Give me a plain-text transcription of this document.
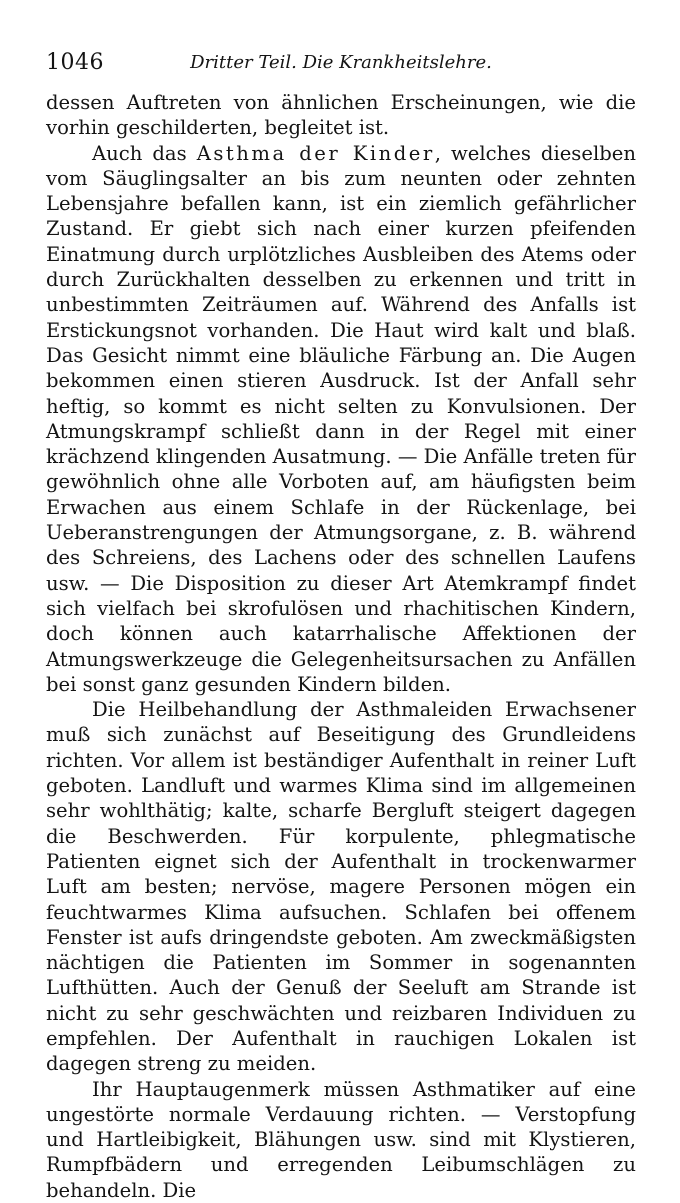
1046	Dritter Teil. Die Krankheitslehre.

dessen Auftreten von ähnlichen Erscheinungen, wie die vorhin geschilderten, begleitet ist.

Auch das Asthma der Kinder, welches dieselben vom Säuglingsalter an bis zum neunten oder zehnten Lebensjahre befallen kann, ist ein ziemlich gefährlicher Zustand. Er giebt sich nach einer kurzen pfeifenden Einatmung durch urplötzliches Ausbleiben des Atems oder durch Zurückhalten desselben zu erkennen und tritt in unbestimmten Zeiträumen auf. Während des Anfalls ist Erstickungsnot vorhanden. Die Haut wird kalt und blaß. Das Gesicht nimmt eine bläuliche Färbung an. Die Augen bekommen einen stieren Ausdruck. Ist der Anfall sehr heftig, so kommt es nicht selten zu Konvulsionen. Der Atmungskrampf schließt dann in der Regel mit einer krächzend klingenden Ausatmung. — Die Anfälle treten für gewöhnlich ohne alle Vorboten auf, am häufigsten beim Erwachen aus einem Schlafe in der Rückenlage, bei Ueberanstrengungen der Atmungsorgane, z. B. während des Schreiens, des Lachens oder des schnellen Laufens usw. — Die Disposition zu dieser Art Atemkrampf findet sich vielfach bei skrofulösen und rhachitischen Kindern, doch können auch katarrhalische Affektionen der Atmungswerkzeuge die Gelegenheitsursachen zu Anfällen bei sonst ganz gesunden Kindern bilden.

Die Heilbehandlung der Asthmaleiden Erwachsener muß sich zunächst auf Beseitigung des Grundleidens richten. Vor allem ist beständiger Aufenthalt in reiner Luft geboten. Landluft und warmes Klima sind im allgemeinen sehr wohlthätig; kalte, scharfe Bergluft steigert dagegen die Beschwerden. Für korpulente, phlegmatische Patienten eignet sich der Aufenthalt in trockenwarmer Luft am besten; nervöse, magere Personen mögen ein feuchtwarmes Klima aufsuchen. Schlafen bei offenem Fenster ist aufs dringendste geboten. Am zweckmäßigsten nächtigen die Patienten im Sommer in sogenannten Lufthütten. Auch der Genuß der Seeluft am Strande ist nicht zu sehr geschwächten und reizbaren Individuen zu empfehlen. Der Aufenthalt in rauchigen Lokalen ist dagegen streng zu meiden.

Ihr Hauptaugenmerk müssen Asthmatiker auf eine ungestörte normale Verdauung richten. — Verstopfung und Hartleibigkeit, Blähungen usw. sind mit Klystieren, Rumpfbädern und erregenden Leibumschlägen zu behandeln. Die
